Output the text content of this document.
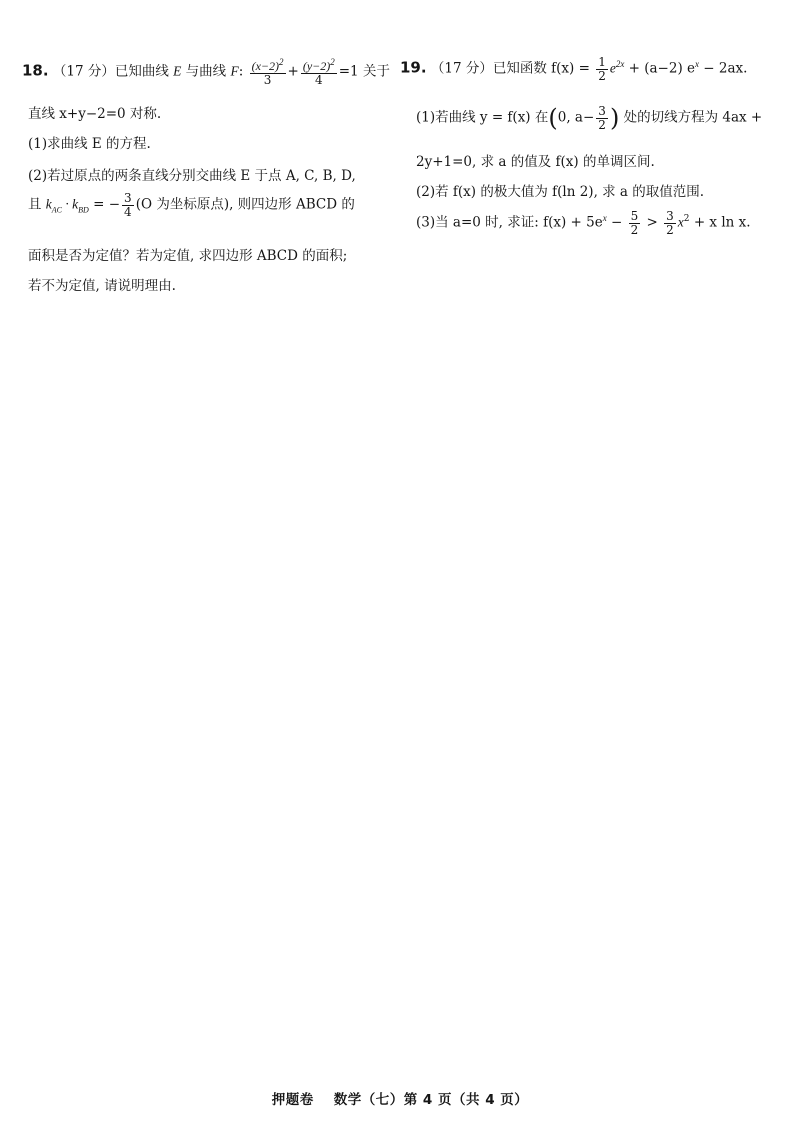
18. （17 分）已知曲线 E 与曲线 F: $\frac{(x-2)^2}{3} + \frac{(y-2)^2}{4} =1$ 关于
直线 x+y−2=0 对称.
(1)求曲线 E 的方程.
(2)若过原点的两条直线分别交曲线 E 于点 A, C, B, D,
且 $k_{AC} \cdot k_{BD}$ = − $\frac{3}{4} (O$ 为坐标原点), 则四边形 ABCD 的
面积是否为定值？若为定值, 求四边形 ABCD 的面积;
若不为定值, 请说明理由.
19. （17 分）已知函数 $f(x) = \frac{1}{2} e^{2x} + (a-2) e^x - 2ax$.
(1)若曲线 y = f(x) 在(0, $a- \frac{3}{2}$ ) 处的切线方程为 4ax +
2y+1=0, 求 a 的值及 f(x) 的单调区间.
(2)若 f(x) 的极大值为 f(ln 2), 求 a 的取值范围.
(3)当 a=0 时, 求证: $f(x) + 5e^x - \frac{5}{2} > \frac{3}{2} x^2 + x$ ln x.
押题卷 数学（七）第 4 页（共 4 页）
